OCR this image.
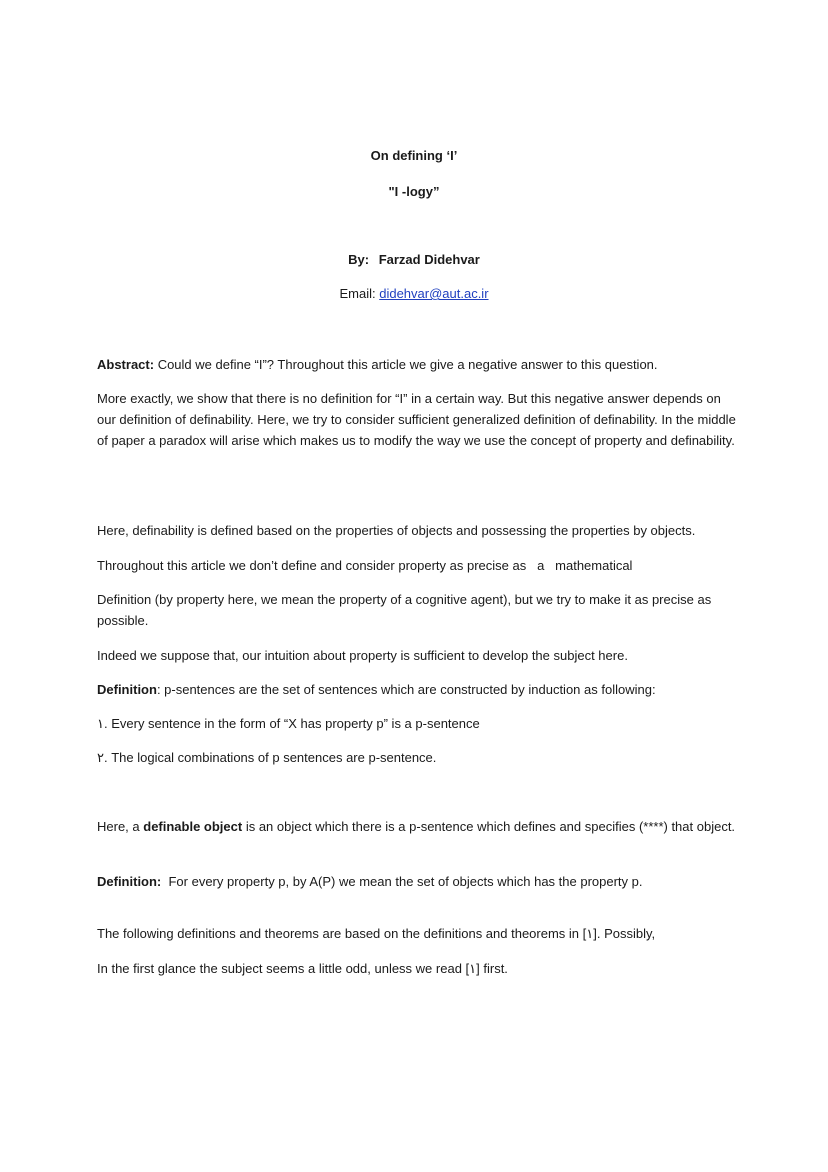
On defining ‘I’
"I -logy”
By: Farzad Didehvar
Email: didehvar@aut.ac.ir
Abstract: Could we define “I”? Throughout this article we give a negative answer to this question.
More exactly, we show that there is no definition for “I” in a certain way. But this negative answer depends on our definition of definability. Here, we try to consider sufficient generalized definition of definability. In the middle of paper a paradox will arise which makes us to modify the way we use the concept of property and definability.
Here, definability is defined based on the properties of objects and possessing the properties by objects.
Throughout this article we don’t define and consider property as precise as   a   mathematical
Definition (by property here, we mean the property of a cognitive agent), but we try to make it as precise as possible.
Indeed we suppose that, our intuition about property is sufficient to develop the subject here.
Definition: p-sentences are the set of sentences which are constructed by induction as following:
١. Every sentence in the form of “X has property p” is a p-sentence
٢. The logical combinations of p sentences are p-sentence.
Here, a definable object is an object which there is a p-sentence which defines and specifies (****) that object.
Definition:  For every property p, by A(P) we mean the set of objects which has the property p.
The following definitions and theorems are based on the definitions and theorems in [١]. Possibly,
In the first glance the subject seems a little odd, unless we read [١] first.
